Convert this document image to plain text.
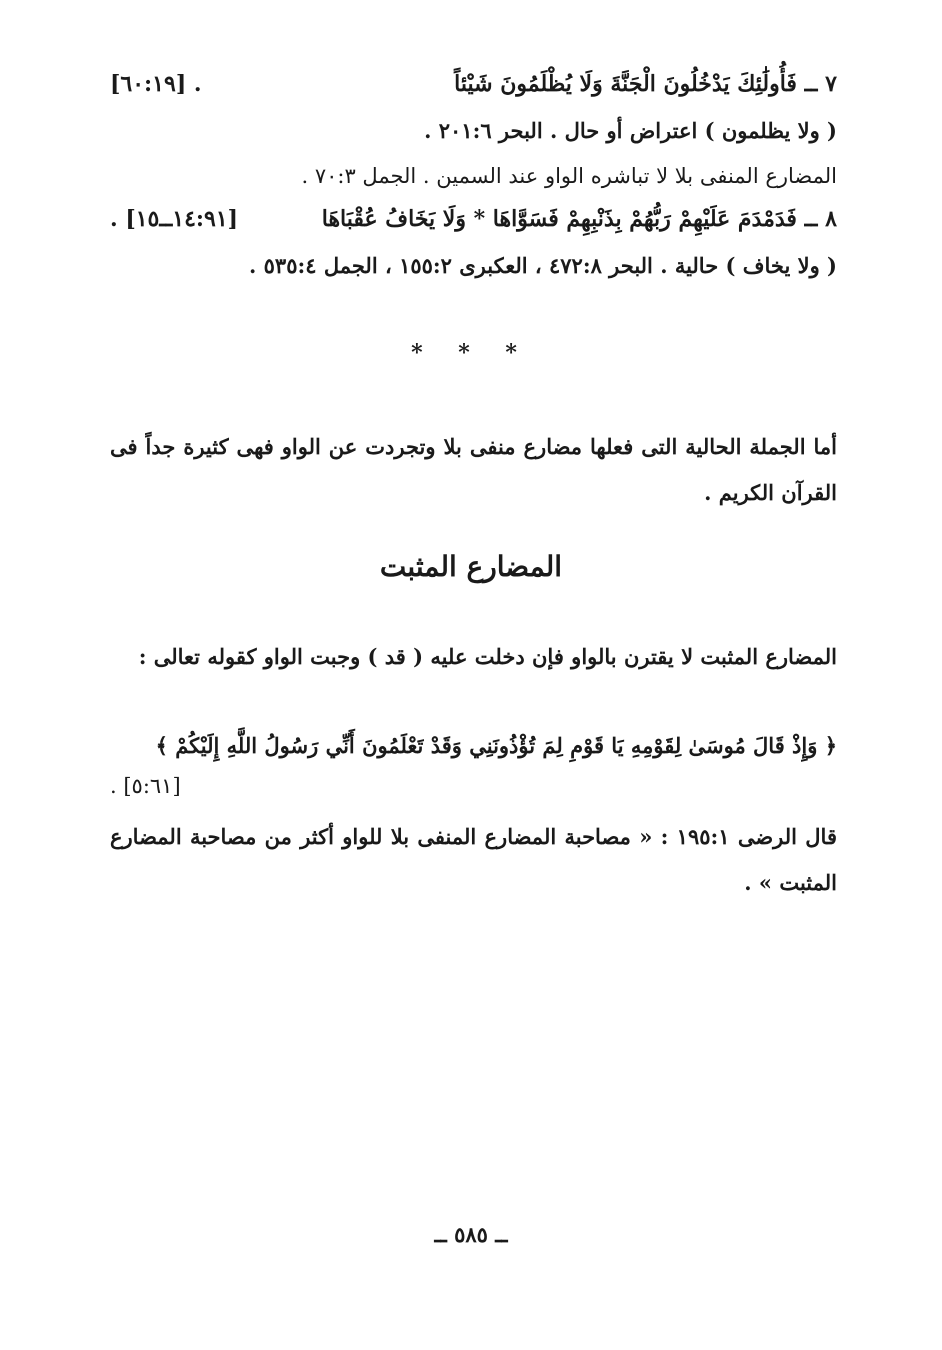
٧ ــ فَأُولَٰئِكَ يَدْخُلُونَ الْجَنَّةَ وَلَا يُظْلَمُونَ شَيْئاً
[٦٠:١٩] .
( ولا يظلمون ) اعتراض أو حال . البحر ٢٠١:٦ .
المضارع المنفى بلا لا تباشره الواو عند السمين . الجمل ٧٠:٣ .
٨ ــ فَدَمْدَمَ عَلَيْهِمْ رَبُّهُمْ بِذَنْبِهِمْ فَسَوَّاهَا * وَلَا يَخَافُ عُقْبَاهَا
[١٤:٩١ــ١٥] .
( ولا يخاف ) حالية . البحر ٤٧٢:٨ ، العكبرى ١٥٥:٢ ، الجمل ٥٣٥:٤ .
* * *
أما الجملة الحالية التى فعلها مضارع منفى بلا وتجردت عن الواو فهى كثيرة جداً فى القرآن الكريم .
المضارع المثبت
المضارع المثبت لا يقترن بالواو فإن دخلت عليه ( قد ) وجبت الواو كقوله تعالى :
﴿ وَإِذْ قَالَ مُوسَىٰ لِقَوْمِهِ يَا قَوْمِ لِمَ تُؤْذُونَنِي وَقَدْ تَعْلَمُونَ أَنِّي رَسُولُ اللَّهِ إِلَيْكُمْ ﴾
[٥:٦١] .
قال الرضى ١٩٥:١ : « مصاحبة المضارع المنفى بلا للواو أكثر من مصاحبة المضارع المثبت » .
ــ ٥٨٥ ــ
